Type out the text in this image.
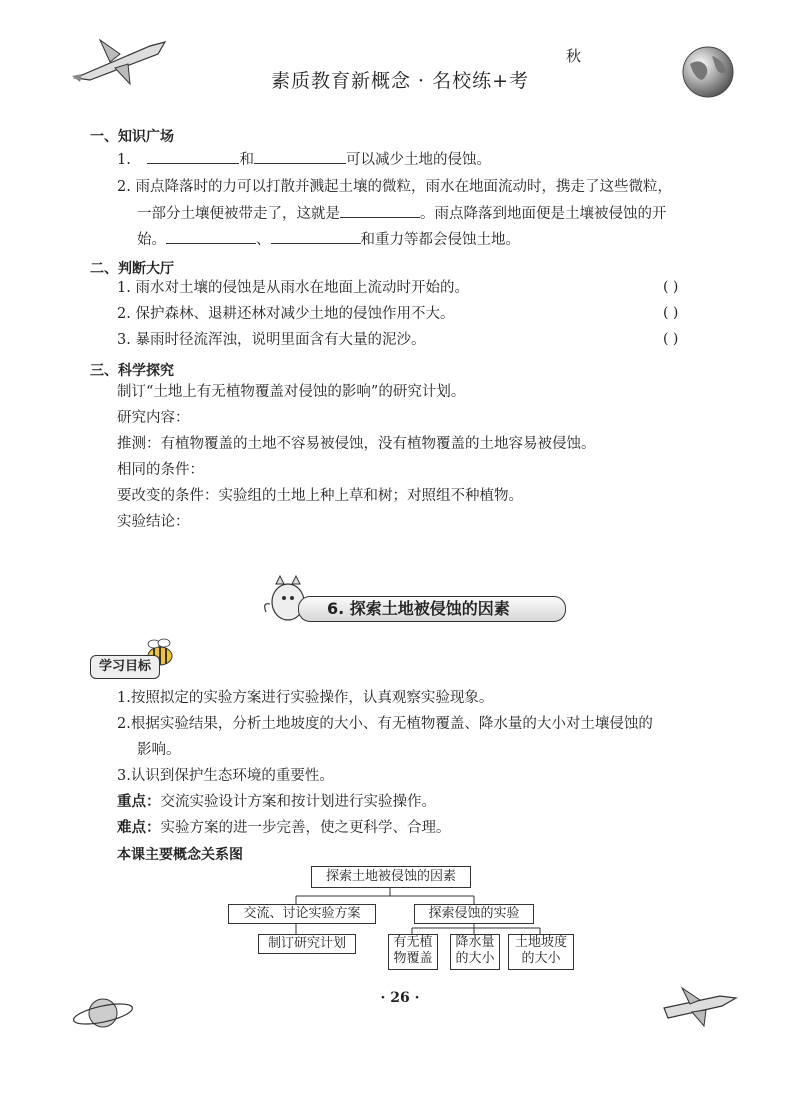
素质教育新概念 · 名校练+考
秋
一、知识广场
1.	和	可以减少土地的侵蚀。
2. 雨点降落时的力可以打散并溅起土壤的微粒，雨水在地面流动时，携走了这些微粒，
一部分土壤便被带走了，这就是	。雨点降落到地面便是土壤被侵蚀的开
始。	、	和重力等都会侵蚀土地。
二、判断大厅
1. 雨水对土壤的侵蚀是从雨水在地面上流动时开始的。	( )
2. 保护森林、退耕还林对减少土地的侵蚀作用不大。	( )
3. 暴雨时径流浑浊，说明里面含有大量的泥沙。	( )
三、科学探究
制订“土地上有无植物覆盖对侵蚀的影响”的研究计划。
研究内容：
推测：有植物覆盖的土地不容易被侵蚀，没有植物覆盖的土地容易被侵蚀。
相同的条件：
要改变的条件：实验组的土地上种上草和树；对照组不种植物。
实验结论：
6. 探索土地被侵蚀的因素
学习目标
1.按照拟定的实验方案进行实验操作，认真观察实验现象。
2.根据实验结果，分析土地坡度的大小、有无植物覆盖、降水量的大小对土壤侵蚀的
影响。
3.认识到保护生态环境的重要性。
重点：交流实验设计方案和按计划进行实验操作。
难点：实验方案的进一步完善，使之更科学、合理。
本课主要概念关系图
探索土地被侵蚀的因素
交流、讨论实验方案	探索侵蚀的实验
制订研究计划	有无植
物覆盖
降水量
的大小
土地坡度
的大小
· 26 ·
